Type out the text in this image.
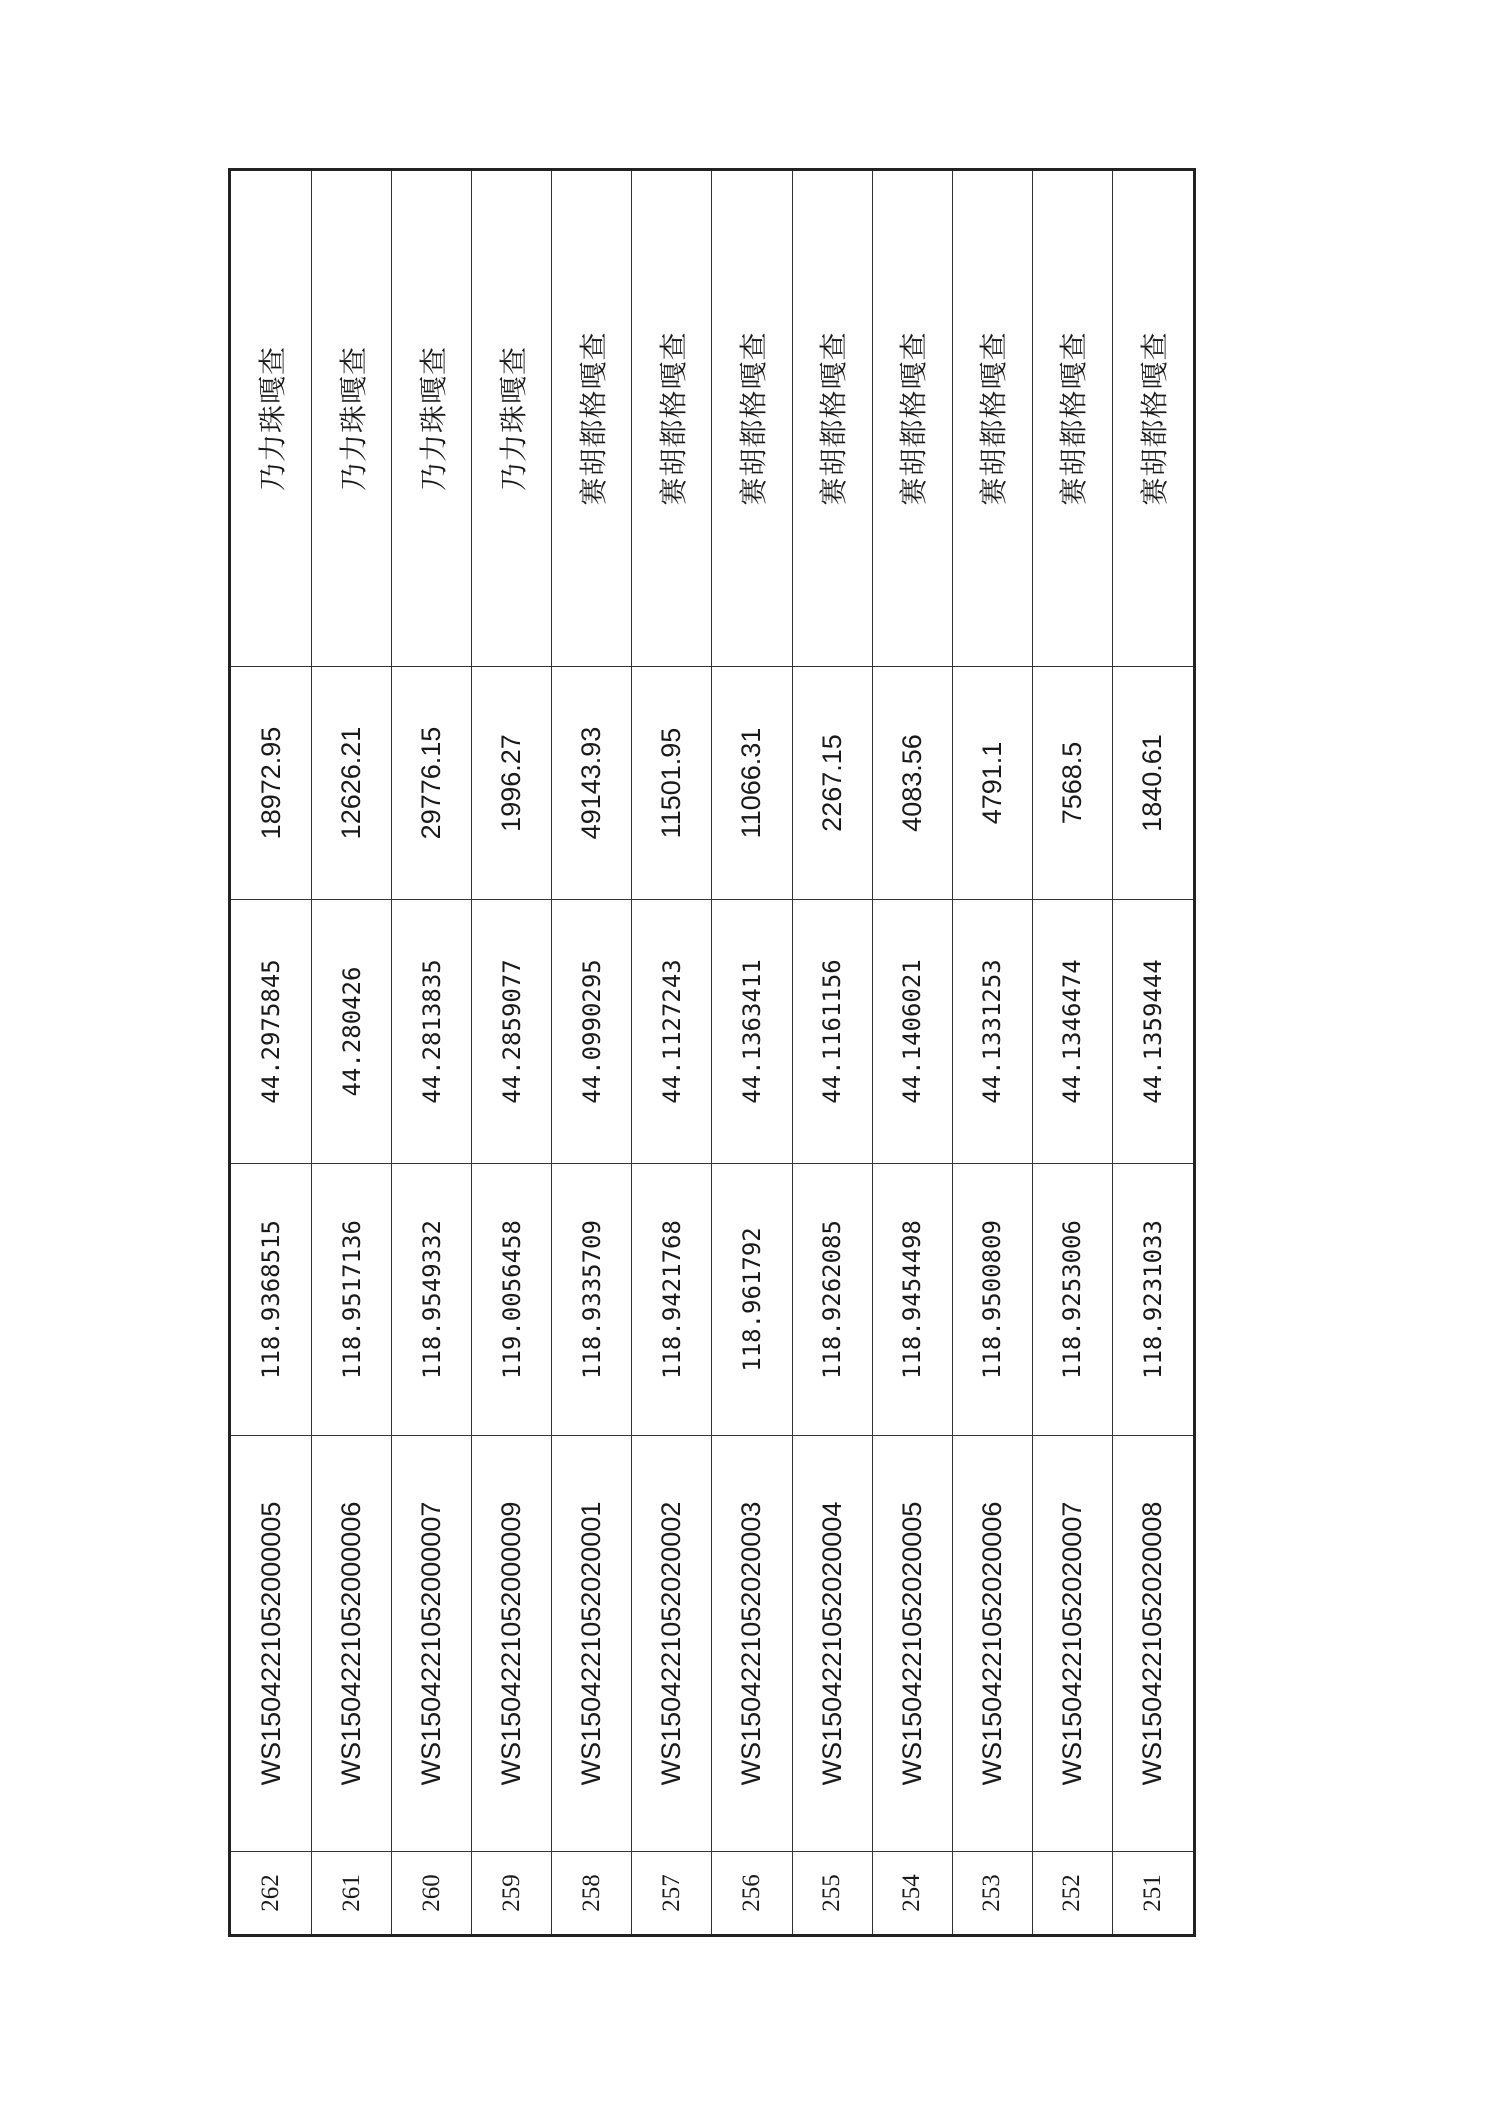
262	WS1504221052000005	118.9368515	44.2975845	18972.95	乃力珠嘎查
261	WS1504221052000006	118.9517136	44.280426	12626.21	乃力珠嘎查
260	WS1504221052000007	118.9549332	44.2813835	29776.15	乃力珠嘎查
259	WS1504221052000009	119.0056458	44.2859077	1996.27	乃力珠嘎查
258	WS1504221052020001	118.9335709	44.0990295	49143.93	赛胡都格嘎查
257	WS1504221052020002	118.9421768	44.1127243	11501.95	赛胡都格嘎查
256	WS1504221052020003	118.961792	44.1363411	11066.31	赛胡都格嘎查
255	WS1504221052020004	118.9262085	44.1161156	2267.15	赛胡都格嘎查
254	WS1504221052020005	118.9454498	44.1406021	4083.56	赛胡都格嘎查
253	WS1504221052020006	118.9500809	44.1331253	4791.1	赛胡都格嘎查
252	WS1504221052020007	118.9253006	44.1346474	7568.5	赛胡都格嘎查
251	WS1504221052020008	118.9231033	44.1359444	1840.61	赛胡都格嘎查
